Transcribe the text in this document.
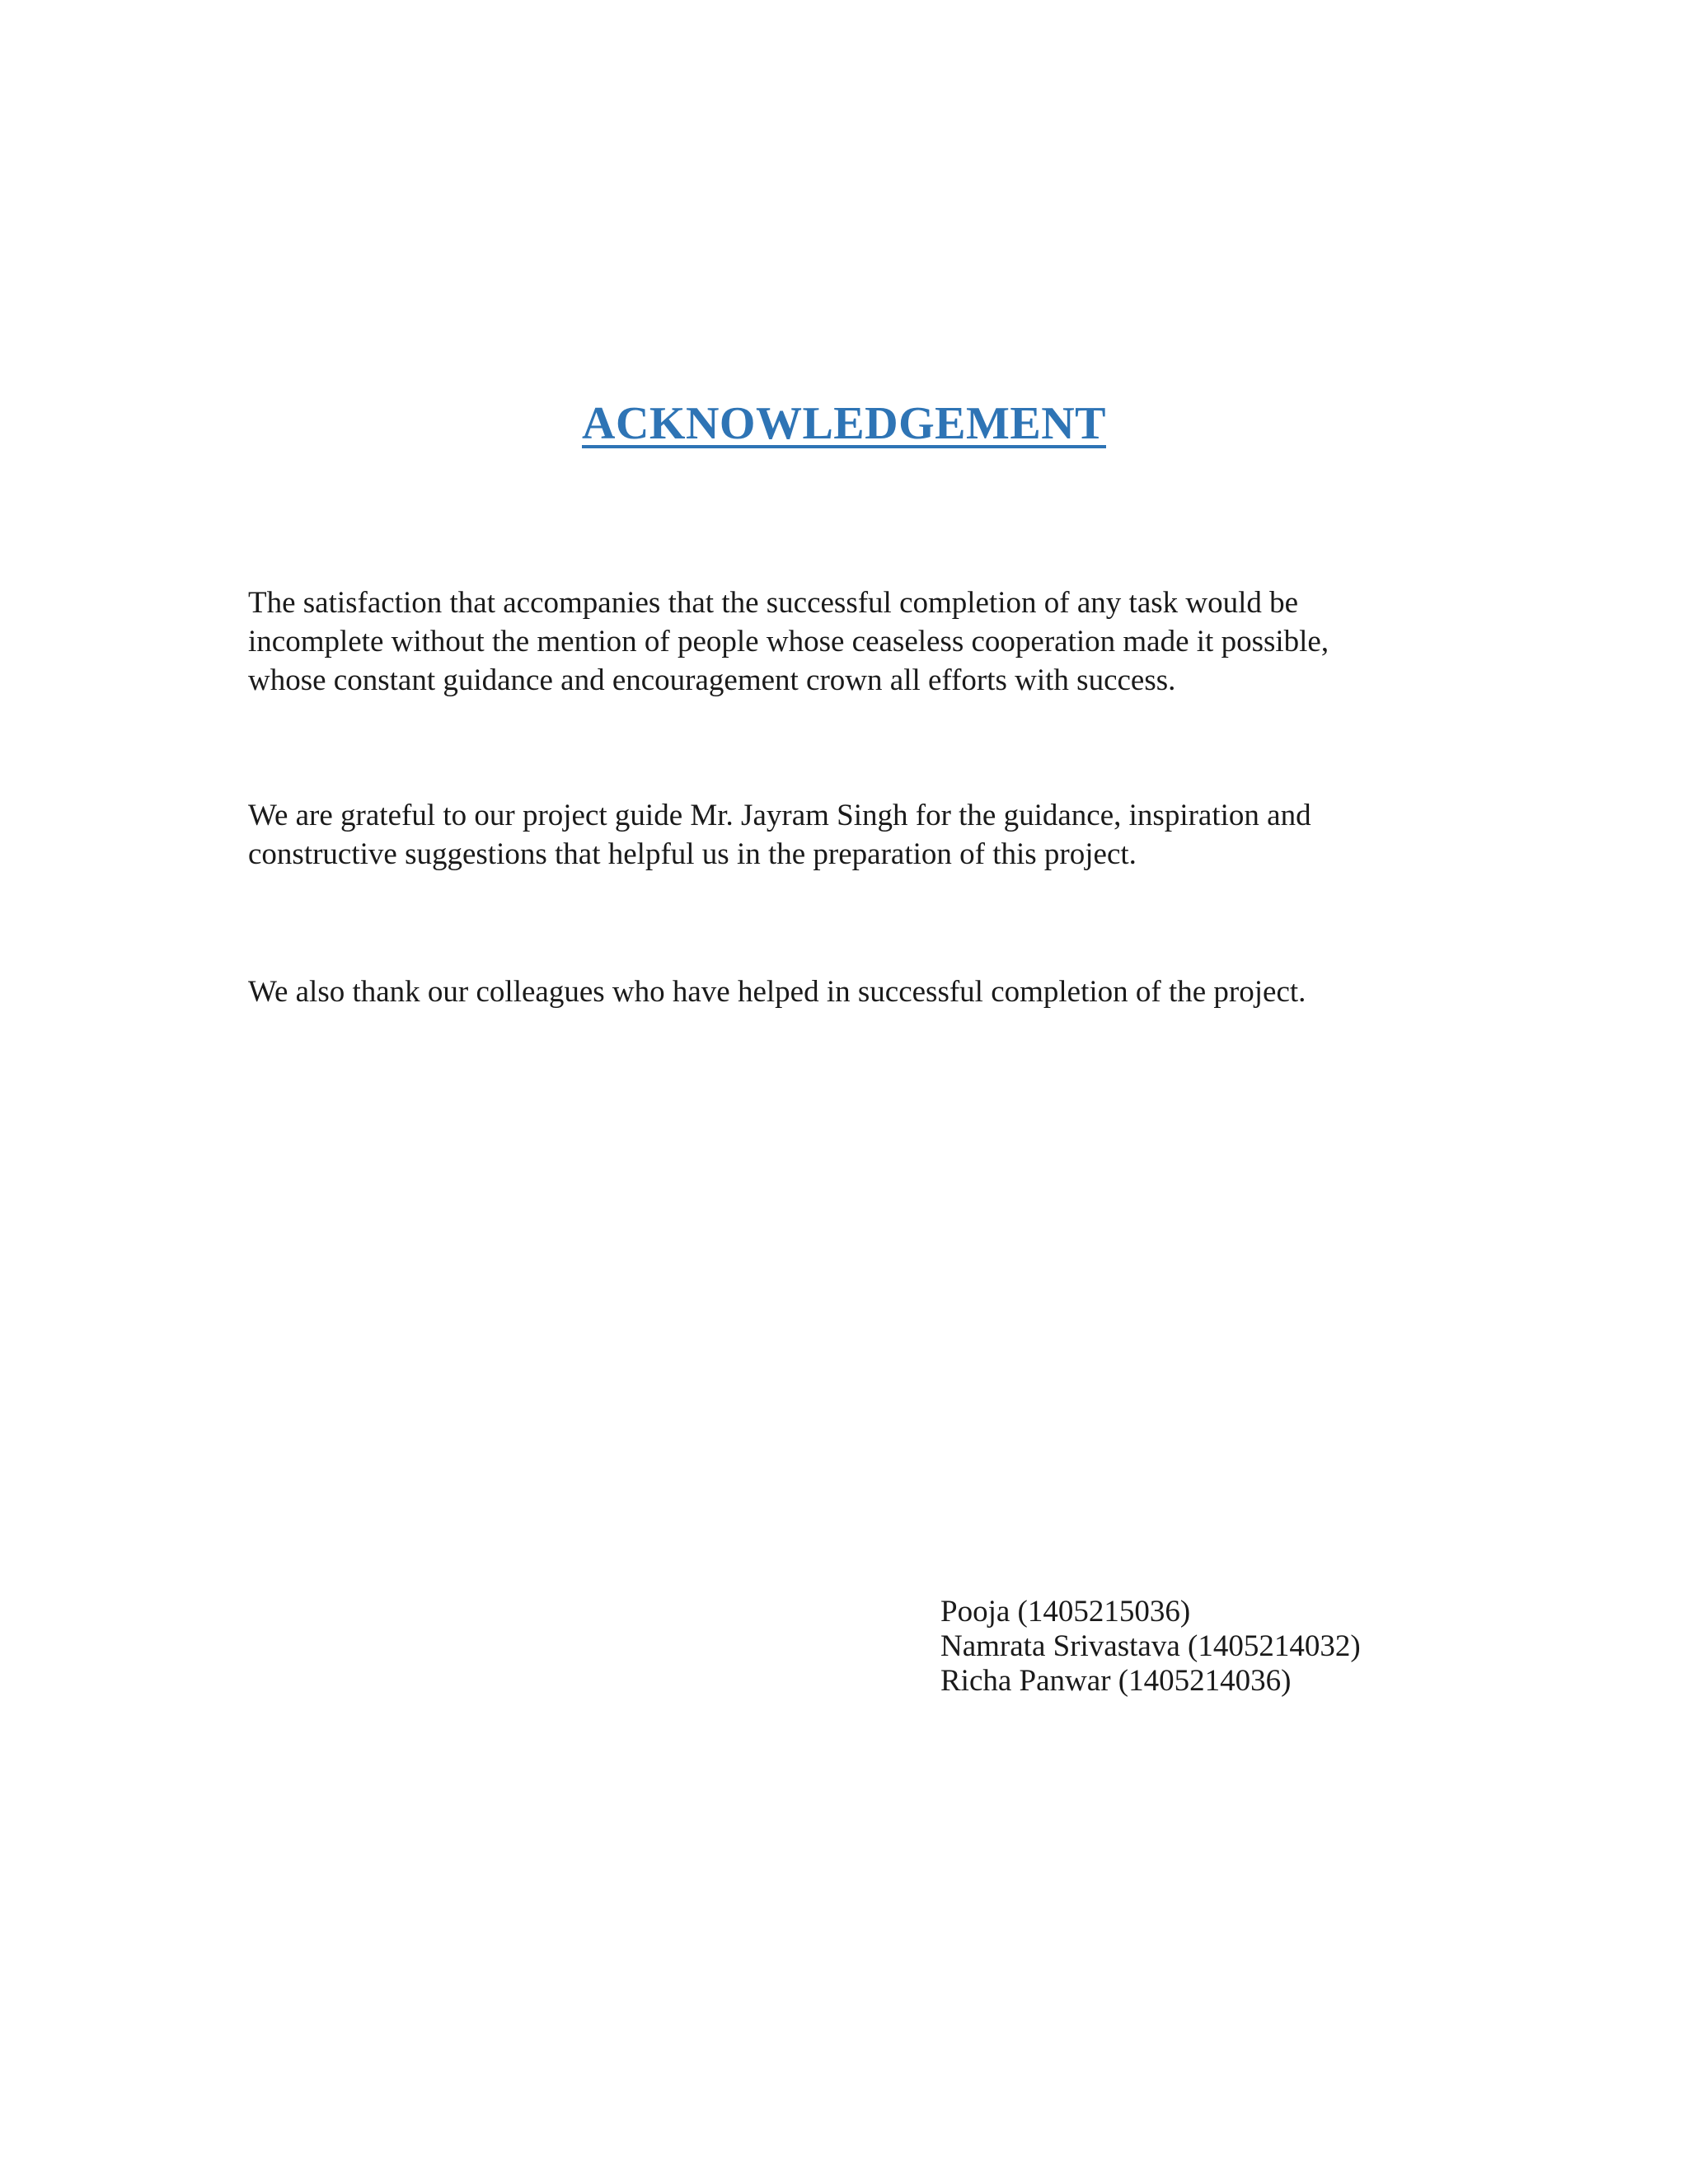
ACKNOWLEDGEMENT
The satisfaction that accompanies that the successful completion of any task would be
incomplete without the mention of people whose ceaseless cooperation made it possible,
whose constant guidance and encouragement crown all efforts with success.
We are grateful to our project guide Mr. Jayram Singh for the guidance, inspiration and
constructive suggestions that helpful us in the preparation of this project.
We also thank our colleagues who have helped in successful completion of the project.
Pooja (1405215036)
Namrata Srivastava (1405214032)
Richa Panwar (1405214036)
